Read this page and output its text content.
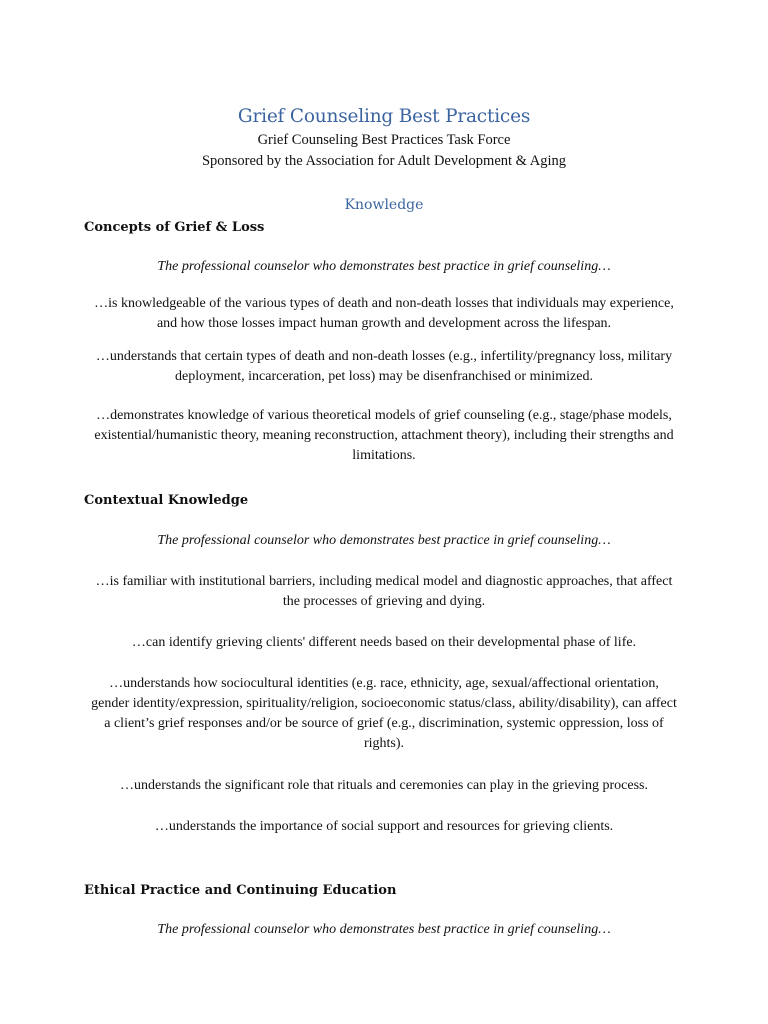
Grief Counseling Best Practices
Grief Counseling Best Practices Task Force
Sponsored by the Association for Adult Development & Aging
Knowledge
Concepts of Grief & Loss
The professional counselor who demonstrates best practice in grief counseling…
…is knowledgeable of the various types of death and non-death losses that individuals may experience, and how those losses impact human growth and development across the lifespan.
…understands that certain types of death and non-death losses (e.g., infertility/pregnancy loss, military deployment, incarceration, pet loss) may be disenfranchised or minimized.
…demonstrates knowledge of various theoretical models of grief counseling (e.g., stage/phase models, existential/humanistic theory, meaning reconstruction, attachment theory), including their strengths and limitations.
Contextual Knowledge
The professional counselor who demonstrates best practice in grief counseling…
…is familiar with institutional barriers, including medical model and diagnostic approaches, that affect the processes of grieving and dying.
…can identify grieving clients' different needs based on their developmental phase of life.
…understands how sociocultural identities (e.g. race, ethnicity, age, sexual/affectional orientation, gender identity/expression, spirituality/religion, socioeconomic status/class, ability/disability), can affect a client’s grief responses and/or be source of grief (e.g., discrimination, systemic oppression, loss of rights).
…understands the significant role that rituals and ceremonies can play in the grieving process.
…understands the importance of social support and resources for grieving clients.
Ethical Practice and Continuing Education
The professional counselor who demonstrates best practice in grief counseling…
